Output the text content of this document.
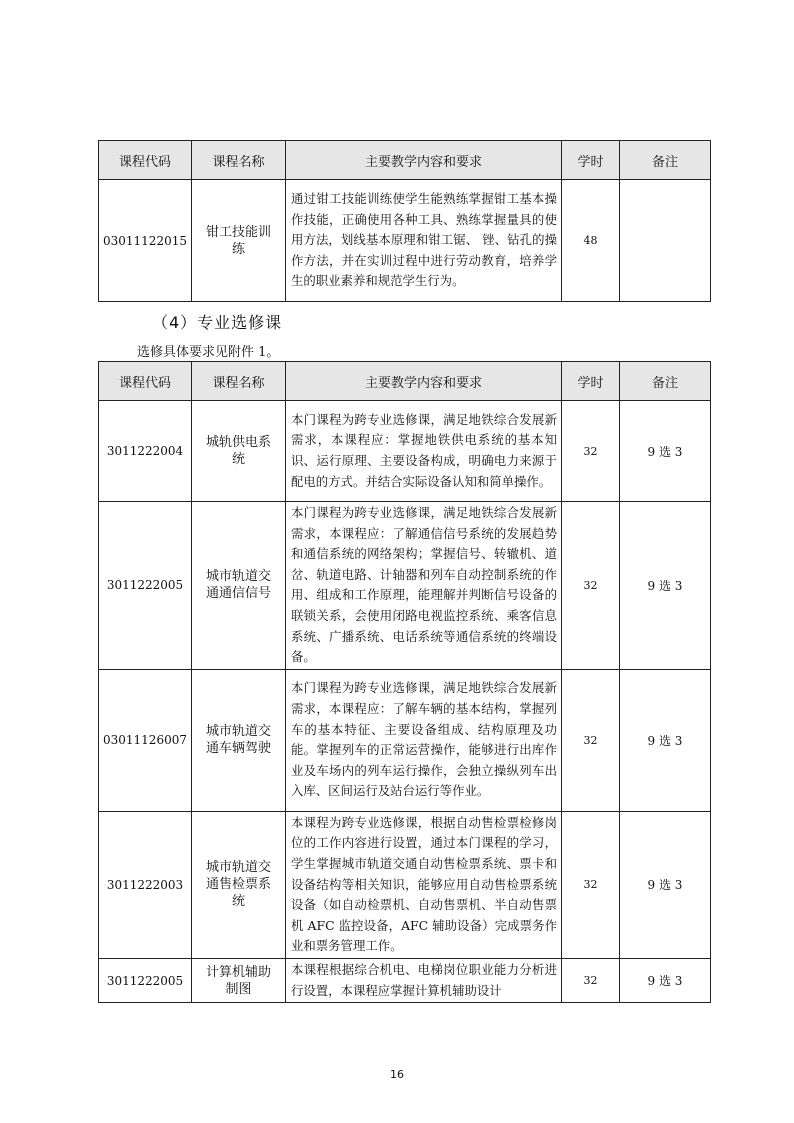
课程代码	课程名称	主要教学内容和要求	学时	备注
03011122015	钳工技能训练	通过钳工技能训练使学生能熟练掌握钳工基本操作技能，正确使用各种工具、熟练掌握量具的使用方法，划线基本原理和钳工锯、 锉、钻孔的操作方法，并在实训过程中进行劳动教育，培养学生的职业素养和规范学生行为。	48	
（4）专业选修课
选修具体要求见附件 1。
课程代码	课程名称	主要教学内容和要求	学时	备注
3011222004	城轨供电系统	本门课程为跨专业选修课，满足地铁综合发展新需求，本课程应：掌握地铁供电系统的基本知识、运行原理、主要设备构成，明确电力来源于配电的方式。并结合实际设备认知和简单操作。	32	9 选 3
3011222005	城市轨道交通通信信号	本门课程为跨专业选修课，满足地铁综合发展新需求，本课程应：了解通信信号系统的发展趋势和通信系统的网络架构；掌握信号、转辙机、道岔、轨道电路、计轴器和列车自动控制系统的作用、组成和工作原理，能理解并判断信号设备的联锁关系，会使用闭路电视监控系统、乘客信息系统、广播系统、电话系统等通信系统的终端设备。	32	9 选 3
03011126007	城市轨道交通车辆驾驶	本门课程为跨专业选修课，满足地铁综合发展新需求，本课程应：了解车辆的基本结构，掌握列车的基本特征、主要设备组成、结构原理及功能。掌握列车的正常运营操作，能够进行出库作业及车场内的列车运行操作，会独立操纵列车出入库、区间运行及站台运行等作业。	32	9 选 3
3011222003	城市轨道交通售检票系统	本课程为跨专业选修课，根据自动售检票检修岗位的工作内容进行设置，通过本门课程的学习，学生掌握城市轨道交通自动售检票系统、票卡和设备结构等相关知识，能够应用自动售检票系统设备（如自动检票机、自动售票机、半自动售票机 AFC 监控设备，AFC 辅助设备）完成票务作业和票务管理工作。	32	9 选 3
3011222005	计算机辅助制图	本课程根据综合机电、电梯岗位职业能力分析进行设置，本课程应掌握计算机辅助设计	32	9 选 3
16
